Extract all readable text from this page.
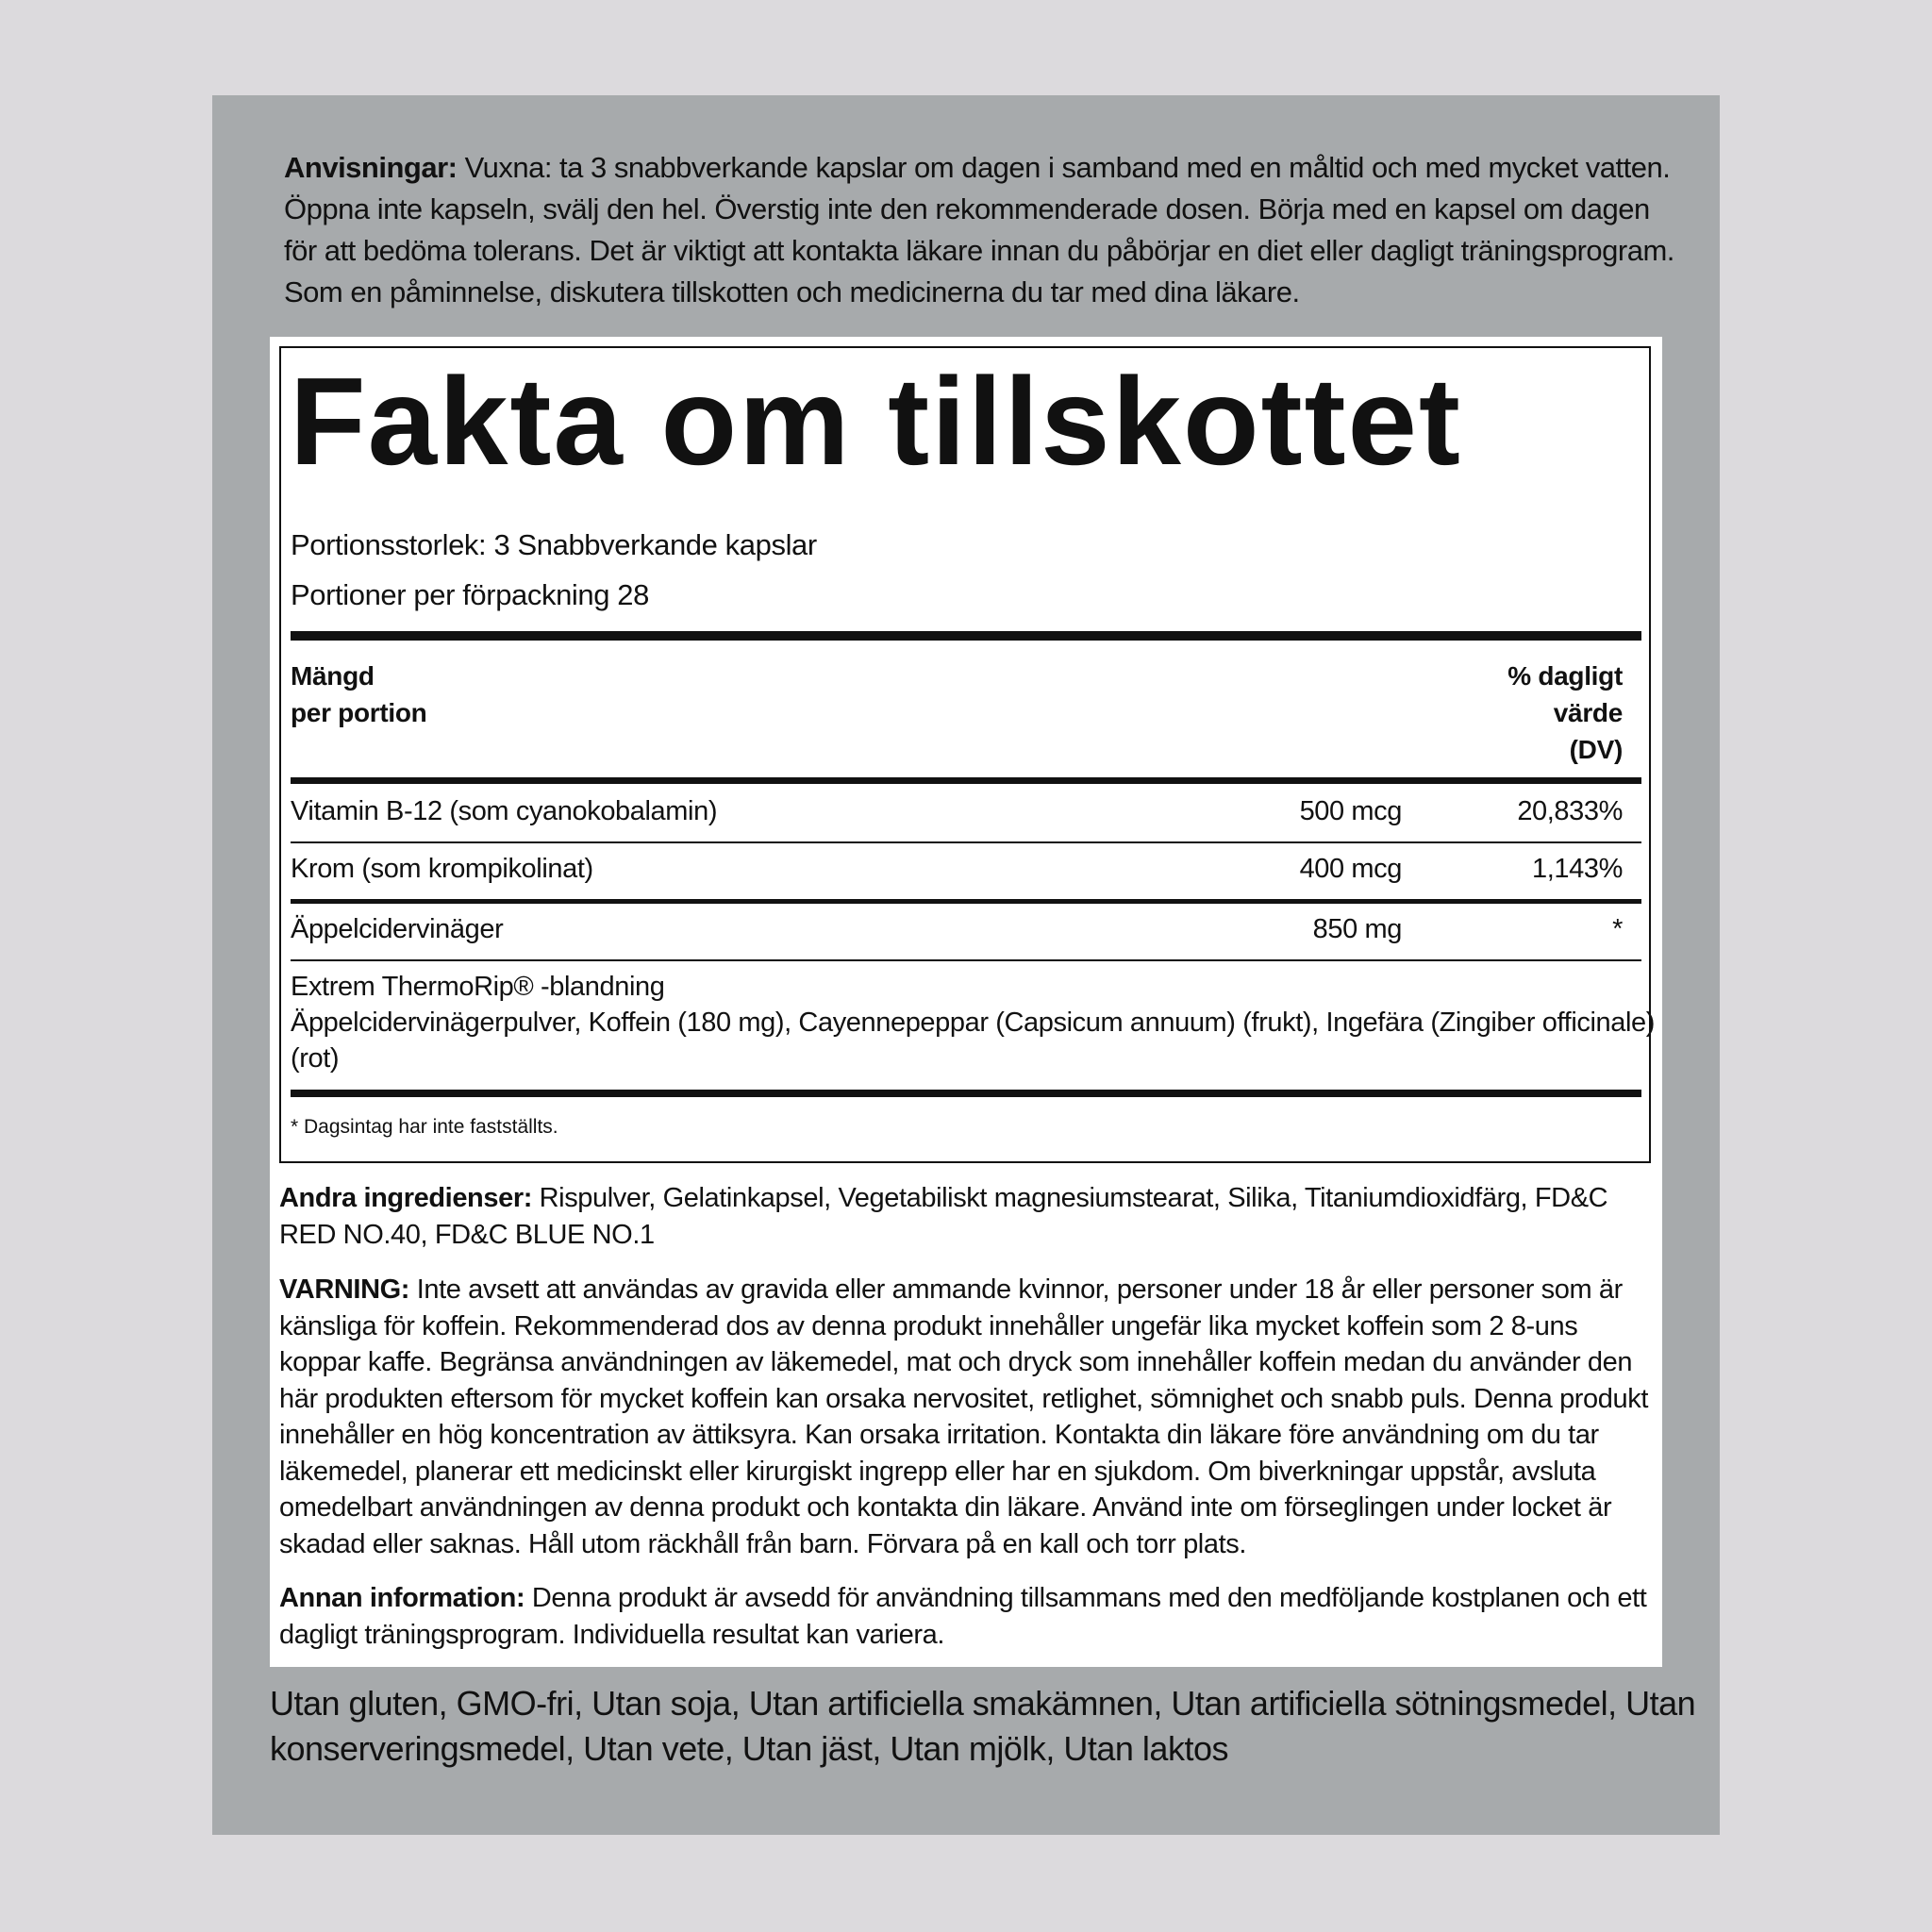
Anvisningar: Vuxna: ta 3 snabbverkande kapslar om dagen i samband med en måltid och med mycket vatten. Öppna inte kapseln, svälj den hel. Överstig inte den rekommenderade dosen. Börja med en kapsel om dagen för att bedöma tolerans. Det är viktigt att kontakta läkare innan du påbörjar en diet eller dagligt träningsprogram. Som en påminnelse, diskutera tillskotten och medicinerna du tar med dina läkare.
Fakta om tillskottet
Portionsstorlek: 3 Snabbverkande kapslar
Portioner per förpackning 28
Mängd
per portion
% dagligt
värde
(DV)
Vitamin B-12 (som cyanokobalamin)	500 mcg	20,833%
Krom (som krompikolinat)	400 mcg	1,143%
Äppelcidervinäger	850 mg	*
Extrem ThermoRip® -blandning
Äppelcidervinägerpulver, Koffein (180 mg), Cayennepeppar (Capsicum annuum) (frukt), Ingefära (Zingiber officinale)
(rot)
* Dagsintag har inte fastställts.
Andra ingredienser: Rispulver, Gelatinkapsel, Vegetabiliskt magnesiumstearat, Silika, Titaniumdioxidfärg, FD&C RED NO.40, FD&C BLUE NO.1
VARNING: Inte avsett att användas av gravida eller ammande kvinnor, personer under 18 år eller personer som är känsliga för koffein. Rekommenderad dos av denna produkt innehåller ungefär lika mycket koffein som 2 8-uns koppar kaffe. Begränsa användningen av läkemedel, mat och dryck som innehåller koffein medan du använder den här produkten eftersom för mycket koffein kan orsaka nervositet, retlighet, sömnighet och snabb puls. Denna produkt innehåller en hög koncentration av ättiksyra. Kan orsaka irritation. Kontakta din läkare före användning om du tar läkemedel, planerar ett medicinskt eller kirurgiskt ingrepp eller har en sjukdom. Om biverkningar uppstår, avsluta omedelbart användningen av denna produkt och kontakta din läkare. Använd inte om förseglingen under locket är skadad eller saknas. Håll utom räckhåll från barn. Förvara på en kall och torr plats.
Annan information: Denna produkt är avsedd för användning tillsammans med den medföljande kostplanen och ett dagligt träningsprogram. Individuella resultat kan variera.
Utan gluten, GMO-fri, Utan soja, Utan artificiella smakämnen, Utan artificiella sötningsmedel, Utan konserveringsmedel, Utan vete, Utan jäst, Utan mjölk, Utan laktos
